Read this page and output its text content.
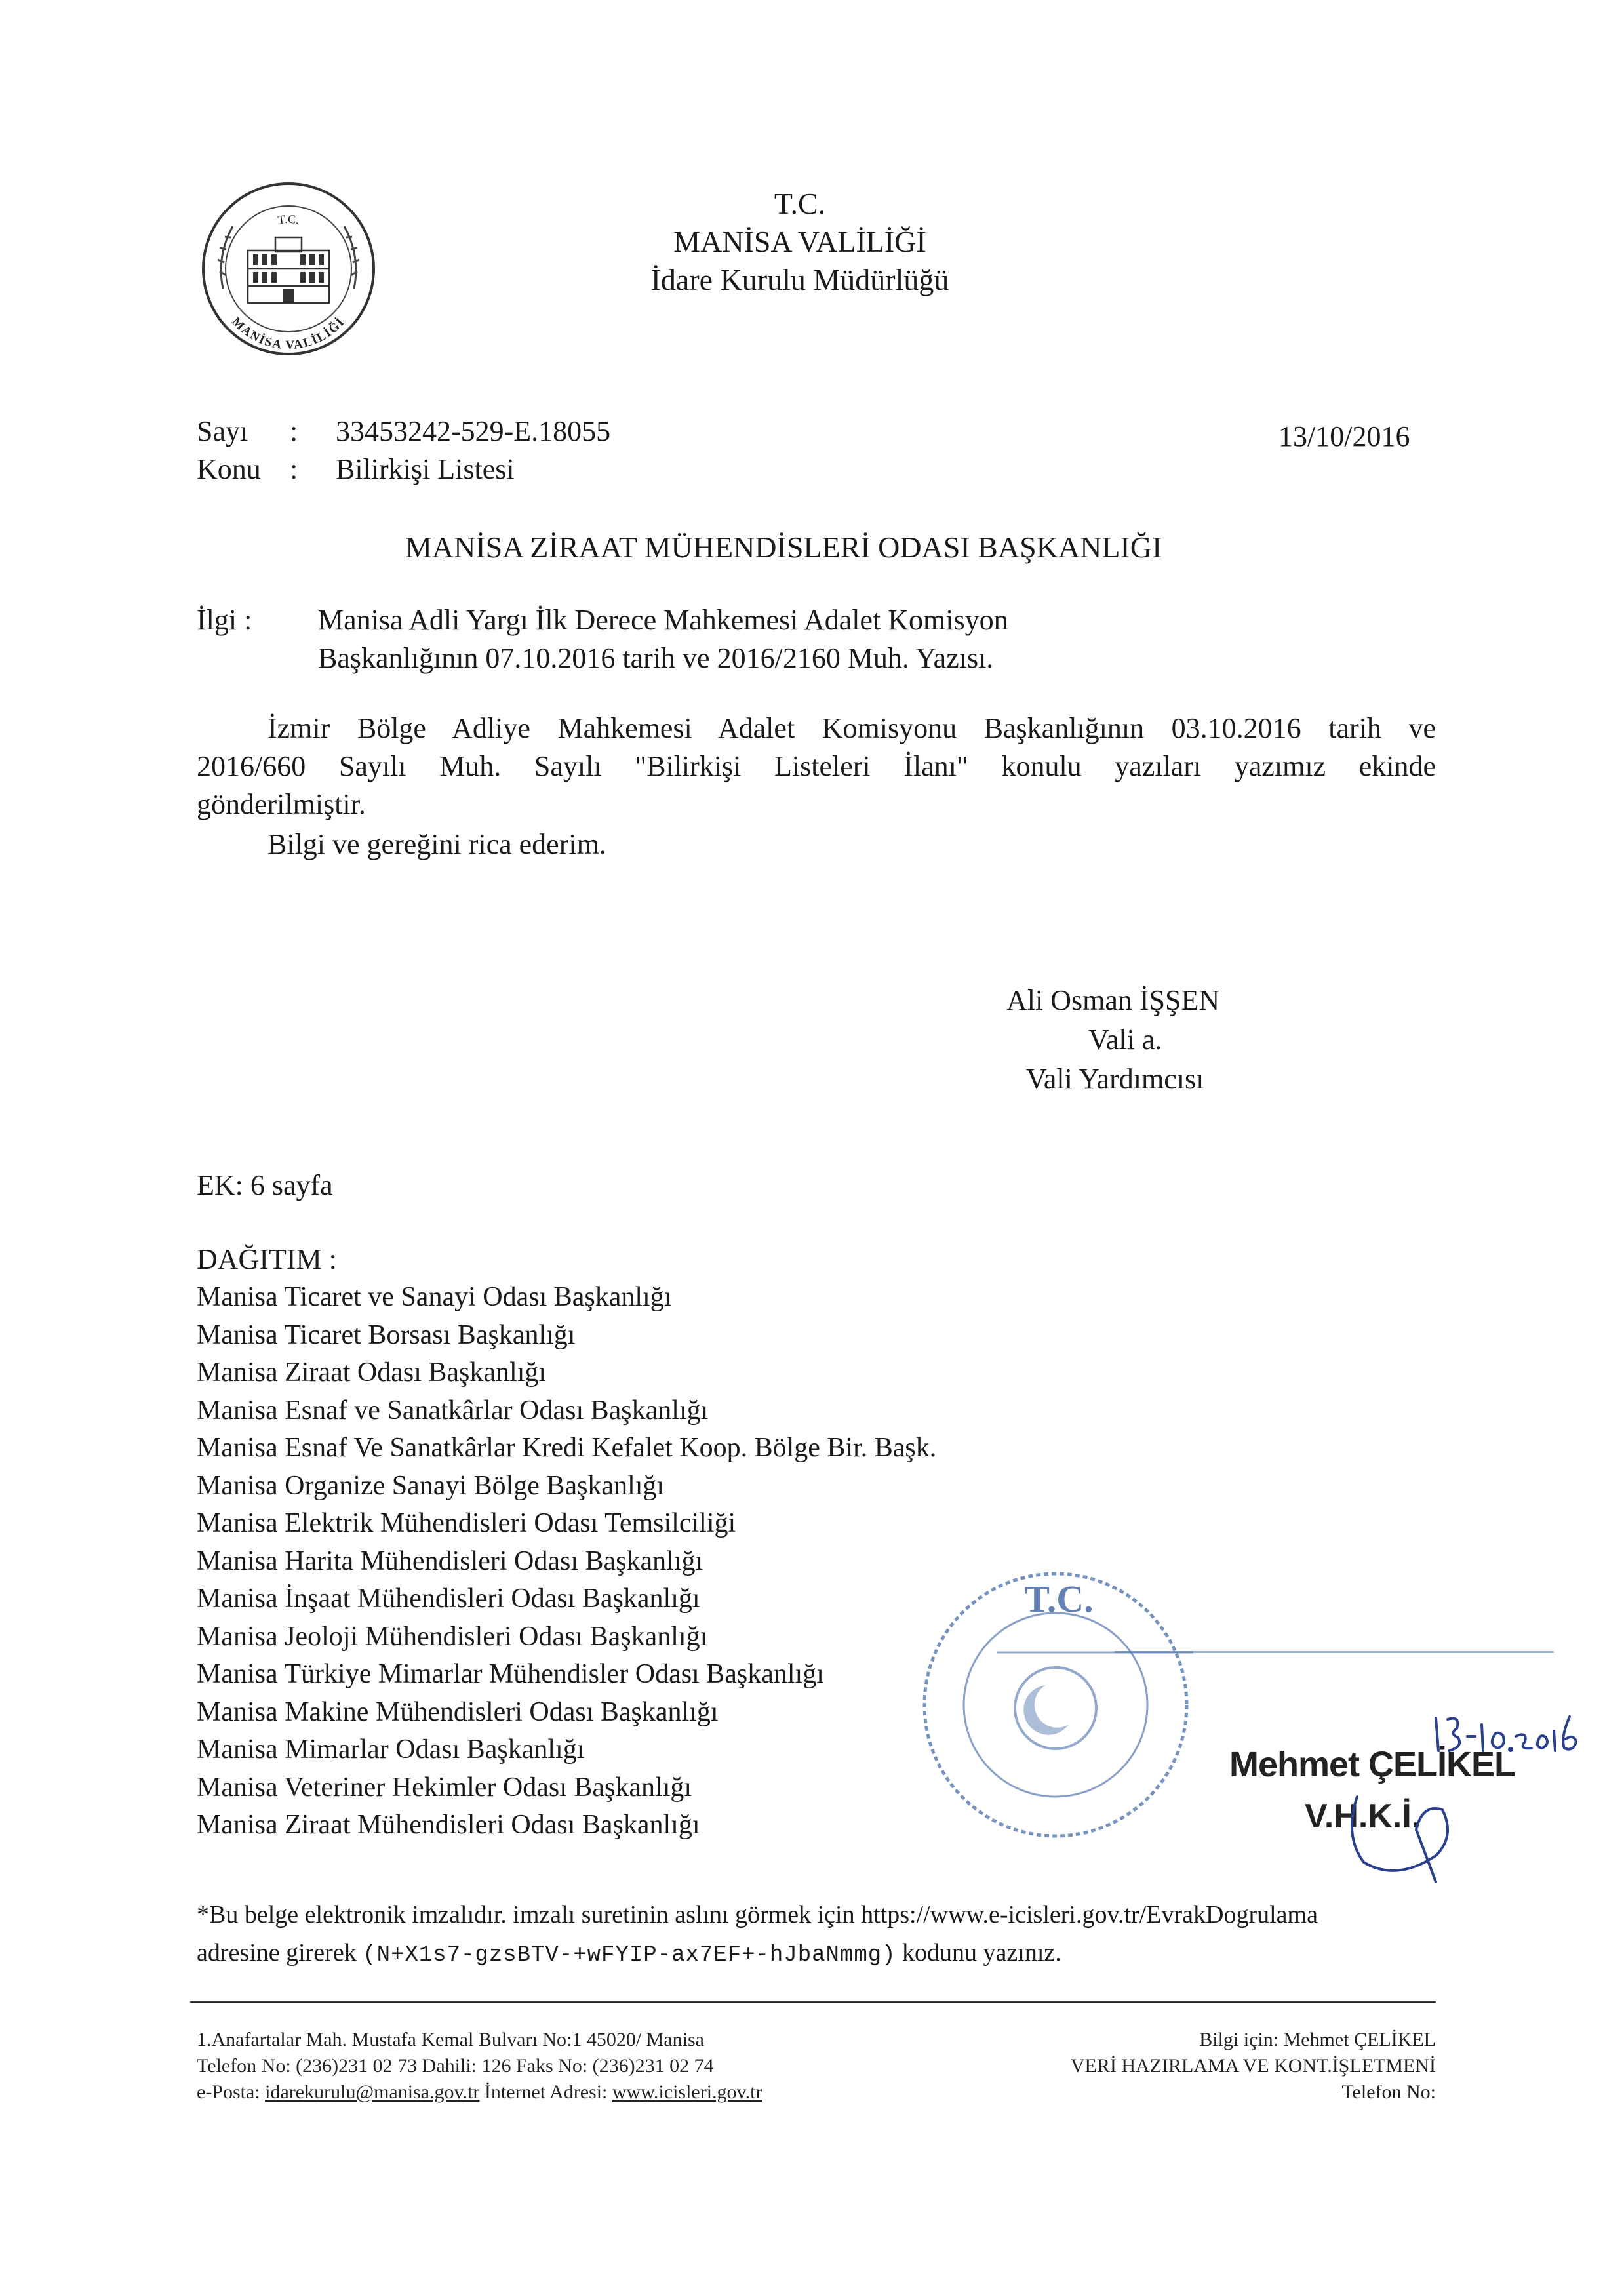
T.C.
MANİSA VALİLİĞİ
T.C.
MANİSA VALİLİĞİ
İdare Kurulu Müdürlüğü
Sayı : 33453242-529-E.18055
Konu : Bilirkişi Listesi
13/10/2016
MANİSA ZİRAAT MÜHENDİSLERİ ODASI BAŞKANLIĞI
İlgi : Manisa Adli Yargı İlk Derece Mahkemesi Adalet Komisyon
Başkanlığının 07.10.2016 tarih ve 2016/2160 Muh. Yazısı.
İzmir Bölge Adliye Mahkemesi Adalet Komisyonu Başkanlığının 03.10.2016 tarih ve
2016/660 Sayılı Muh. Sayılı "Bilirkişi Listeleri İlanı" konulu yazıları yazımız ekinde
gönderilmiştir.
Bilgi ve gereğini rica ederim.
Ali Osman İŞŞEN
Vali a.
Vali Yardımcısı
EK: 6 sayfa
DAĞITIM :
Manisa Ticaret ve Sanayi Odası Başkanlığı
Manisa Ticaret Borsası Başkanlığı
Manisa Ziraat Odası Başkanlığı
Manisa Esnaf ve Sanatkârlar Odası Başkanlığı
Manisa Esnaf Ve Sanatkârlar Kredi Kefalet Koop. Bölge Bir. Başk.
Manisa Organize Sanayi Bölge Başkanlığı
Manisa Elektrik Mühendisleri Odası Temsilciliği
Manisa Harita Mühendisleri Odası Başkanlığı
Manisa İnşaat Mühendisleri Odası Başkanlığı
Manisa Jeoloji Mühendisleri Odası Başkanlığı
Manisa Türkiye Mimarlar Mühendisler Odası Başkanlığı
Manisa Makine Mühendisleri Odası Başkanlığı
Manisa Mimarlar Odası Başkanlığı
Manisa Veteriner Hekimler Odası Başkanlığı
Manisa Ziraat Mühendisleri Odası Başkanlığı
T.C.
Mehmet ÇELİKEL
V.H.K.İ.
*Bu belge elektronik imzalıdır. imzalı suretinin aslını görmek için https://www.e-icisleri.gov.tr/EvrakDogrulama
adresine girerek (N+X1s7-gzsBTV-+wFYIP-ax7EF+-hJbaNmmg) kodunu yazınız.
1.Anafartalar Mah. Mustafa Kemal Bulvarı No:1 45020/ Manisa
Telefon No: (236)231 02 73 Dahili: 126 Faks No: (236)231 02 74
e-Posta: idarekurulu@manisa.gov.tr İnternet Adresi: www.icisleri.gov.tr
Bilgi için: Mehmet ÇELİKEL
VERİ HAZIRLAMA VE KONT.İŞLETMENİ
Telefon No:
